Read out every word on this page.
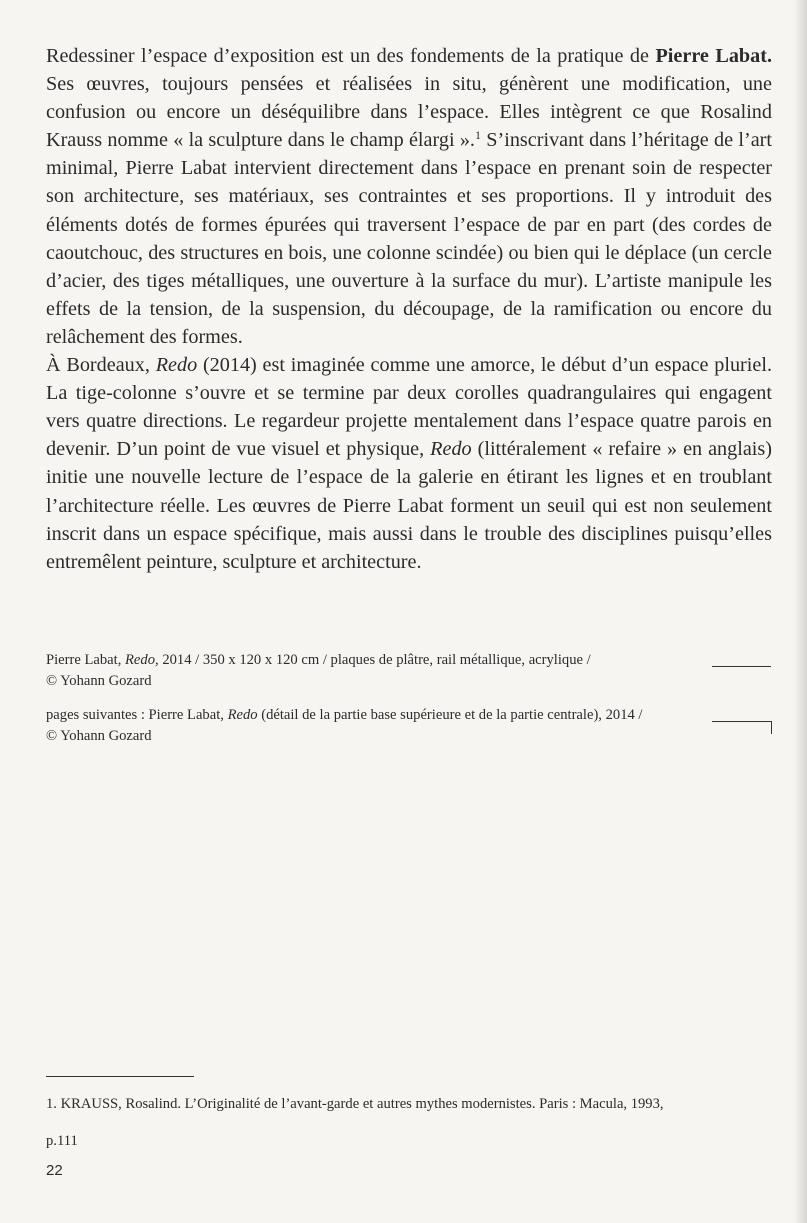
Redessiner l’espace d’exposition est un des fondements de la pratique de Pierre Labat. Ses œuvres, toujours pensées et réalisées in situ, génèrent une modification, une confusion ou encore un déséquilibre dans l’espace. Elles intègrent ce que Rosalind Krauss nomme « la sculpture dans le champ élargi ».$^1$ S’inscrivant dans l’héritage de l’art minimal, Pierre Labat intervient directement dans l’espace en prenant soin de respecter son architecture, ses matériaux, ses contraintes et ses proportions. Il y introduit des éléments dotés de formes épurées qui traversent l’espace de par en part (des cordes de caoutchouc, des structures en bois, une colonne scindée) ou bien qui le déplace (un cercle d’acier, des tiges métalliques, une ouverture à la surface du mur). L’artiste manipule les effets de la tension, de la suspension, du découpage, de la ramification ou encore du relâchement des formes.

À Bordeaux, Redo (2014) est imaginée comme une amorce, le début d’un espace pluriel. La tige-colonne s’ouvre et se termine par deux corolles quadrangulaires qui engagent vers quatre directions. Le regardeur projette mentalement dans l’espace quatre parois en devenir. D’un point de vue visuel et physique, Redo (littéralement « refaire » en anglais) initie une nouvelle lecture de l’espace de la galerie en étirant les lignes et en troublant l’architecture réelle. Les œuvres de Pierre Labat forment un seuil qui est non seulement inscrit dans un espace spécifique, mais aussi dans le trouble des disciplines puisqu’elles entremêlent peinture, sculpture et architecture.

Pierre Labat, Redo, 2014 / 350 x 120 x 120 cm / plaques de plâtre, rail métallique, acrylique /
© Yohann Gozard
pages suivantes : Pierre Labat, Redo (détail de la partie base supérieure et de la partie centrale), 2014 /
© Yohann Gozard
1. KRAUSS, Rosalind. L’Originalité de l’avant-garde et autres mythes modernistes. Paris : Macula, 1993,
p.111
22
